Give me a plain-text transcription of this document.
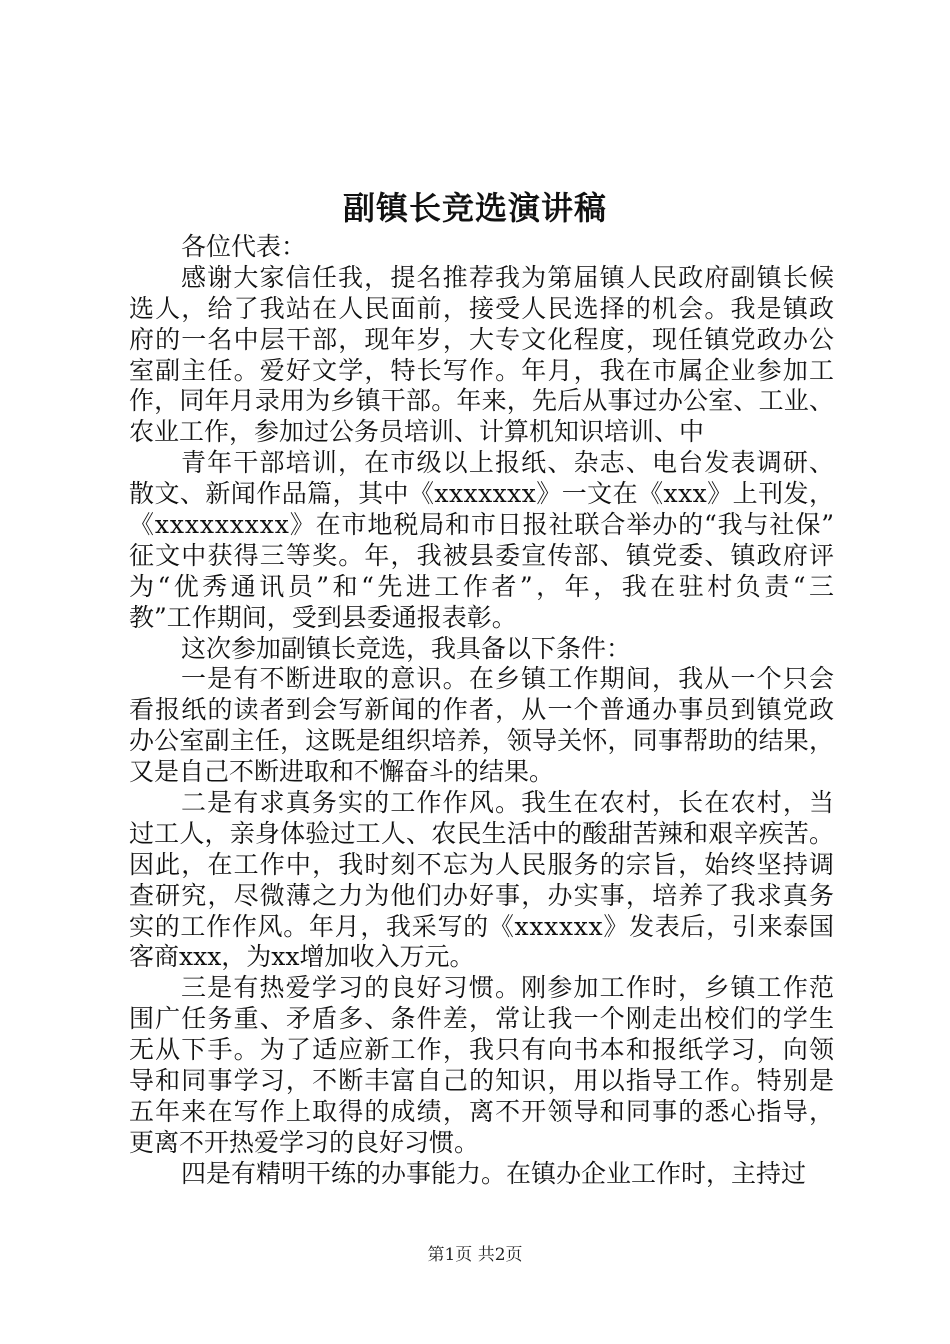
副镇长竞选演讲稿
各位代表：
感谢大家信任我，提名推荐我为第届镇人民政府副镇长候
选人，给了我站在人民面前，接受人民选择的机会。我是镇政
府的一名中层干部，现年岁，大专文化程度，现任镇党政办公
室副主任。爱好文学，特长写作。年月，我在市属企业参加工
作，同年月录用为乡镇干部。年来，先后从事过办公室、工业、
农业工作，参加过公务员培训、计算机知识培训、中
青年干部培训，在市级以上报纸、杂志、电台发表调研、
散文、新闻作品篇，其中《xxxxxxx》一文在《xxx》上刊发，
《xxxxxxxxx》在市地税局和市日报社联合举办的“我与社保”
征文中获得三等奖。年，我被县委宣传部、镇党委、镇政府评
为“优秀通讯员”和“先进工作者”，年，我在驻村负责“三
教”工作期间，受到县委通报表彰。
这次参加副镇长竞选，我具备以下条件：
一是有不断进取的意识。在乡镇工作期间，我从一个只会
看报纸的读者到会写新闻的作者，从一个普通办事员到镇党政
办公室副主任，这既是组织培养，领导关怀，同事帮助的结果，
又是自己不断进取和不懈奋斗的结果。
二是有求真务实的工作作风。我生在农村，长在农村，当
过工人，亲身体验过工人、农民生活中的酸甜苦辣和艰辛疾苦。
因此，在工作中，我时刻不忘为人民服务的宗旨，始终坚持调
查研究，尽微薄之力为他们办好事，办实事，培养了我求真务
实的工作作风。年月，我采写的《xxxxxx》发表后，引来泰国
客商xxx，为xx增加收入万元。
三是有热爱学习的良好习惯。刚参加工作时，乡镇工作范
围广任务重、矛盾多、条件差，常让我一个刚走出校们的学生
无从下手。为了适应新工作，我只有向书本和报纸学习，向领
导和同事学习，不断丰富自己的知识，用以指导工作。特别是
五年来在写作上取得的成绩，离不开领导和同事的悉心指导，
更离不开热爱学习的良好习惯。
四是有精明干练的办事能力。在镇办企业工作时，主持过
第1页 共2页
